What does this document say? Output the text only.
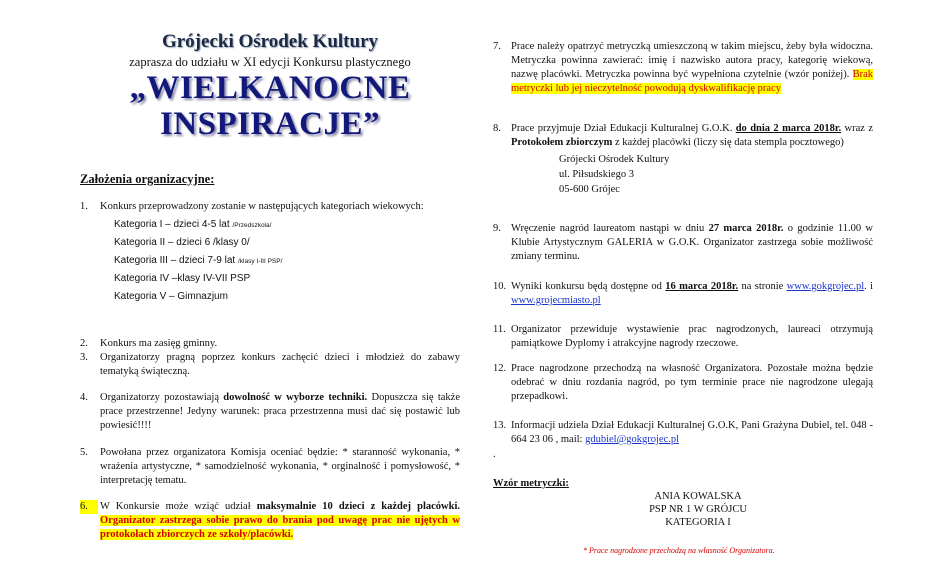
Grójecki Ośrodek Kultury

zaprasza do udziału w XI edycji Konkursu plastycznego

„WIELKANOCNE

INSPIRACJE”

Założenia organizacyjne:

1.	Konkurs przeprowadzony zostanie w następujących kategoriach wiekowych:
Kategoria I – dzieci 4-5 lat /Przedszkola/
Kategoria II – dzieci 6 /klasy 0/
Kategoria III – dzieci 7-9 lat /klasy I-III PSP/
Kategoria IV –klasy IV-VII PSP
Kategoria V – Gimnazjum
2.	Konkurs ma zasięg gminny.
3.	Organizatorzy pragną poprzez konkurs zachęcić dzieci i młodzież do zabawy tematyką świąteczną.
4.	Organizatorzy pozostawiają dowolność w wyborze techniki. Dopuszcza się także prace przestrzenne! Jedyny warunek: praca przestrzenna musi dać się postawić lub powiesić!!!!
5.	Powołana przez organizatora Komisja oceniać będzie: * staranność wykonania, * wrażenia artystyczne, * samodzielność wykonania, * orginalność i pomysłowość, * interpretację tematu.
6.	W Konkursie może wziąć udział maksymalnie 10 dzieci z każdej placówki. Organizator zastrzega sobie prawo do brania pod uwagę prac nie ujętych w protokołach zbiorczych ze szkoły/placówki.
7. Prace należy opatrzyć metryczką umieszczoną w takim miejscu, żeby była widoczna. Metryczka powinna zawierać: imię i nazwisko autora pracy, kategorię wiekową, nazwę placówki. Metryczka powinna być wypełniona czytelnie (wzór poniżej). Brak metryczki lub jej nieczytelność powodują dyskwalifikację pracy
8. Prace przyjmuje Dział Edukacji Kulturalnej G.O.K. do dnia 2 marca 2018r. wraz z Protokołem zbiorczym z każdej placówki (liczy się data stempla pocztowego)
Grójecki Ośrodek Kultury
ul. Piłsudskiego 3
05-600 Grójec
9. Wręczenie nagród laureatom nastąpi w dniu 27 marca 2018r. o godzinie 11.00 w Klubie Artystycznym GALERIA w G.O.K. Organizator zastrzega sobie możliwość zmiany terminu.
10. Wyniki konkursu będą dostępne od 16 marca 2018r. na stronie www.gokgrojec.pl. i www.grojecmiasto.pl
11. Organizator przewiduje wystawienie prac nagrodzonych, laureaci otrzymują pamiątkowe Dyplomy i atrakcyjne nagrody rzeczowe.
12. Prace nagrodzone przechodzą na własność Organizatora. Pozostałe można będzie odebrać w dniu rozdania nagród, po tym terminie prace nie nagrodzone ulegają przepadkowi.
13. Informacji udziela Dział Edukacji Kulturalnej G.O.K, Pani Grażyna Dubiel, tel. 048 - 664 23 06 , mail: gdubiel@gokgrojec.pl
.
Wzór metryczki:
ANIA KOWALSKA
PSP NR 1 W GRÓJCU
KATEGORIA I
* Prace nagrodzone przechodzą na własność Organizatora.
